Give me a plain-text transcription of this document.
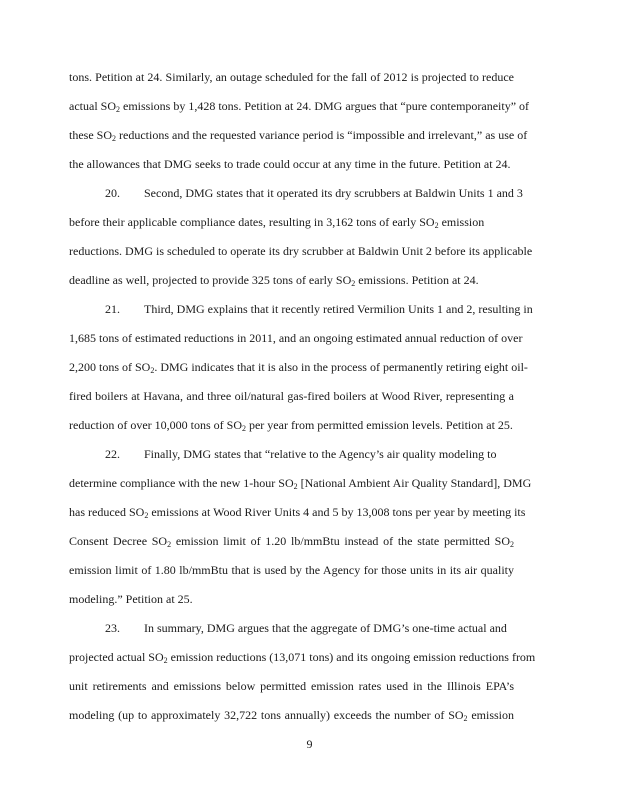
tons. Petition at 24. Similarly, an outage scheduled for the fall of 2012 is projected to reduce
actual $SO_2$ emissions by 1,428 tons. Petition at 24. DMG argues that “pure contemporaneity” of
these $SO_2$ reductions and the requested variance period is “impossible and irrelevant,” as use of
the allowances that DMG seeks to trade could occur at any time in the future. Petition at 24.
20.  Second, DMG states that it operated its dry scrubbers at Baldwin Units 1 and 3
before their applicable compliance dates, resulting in 3,162 tons of early $SO_2$ emission
reductions. DMG is scheduled to operate its dry scrubber at Baldwin Unit 2 before its applicable
deadline as well, projected to provide 325 tons of early $SO_2$ emissions. Petition at 24.
21.  Third, DMG explains that it recently retired Vermilion Units 1 and 2, resulting in
1,685 tons of estimated reductions in 2011, and an ongoing estimated annual reduction of over
2,200 tons of $SO_2$. DMG indicates that it is also in the process of permanently retiring eight oil-
fired boilers at Havana, and three oil/natural gas-fired boilers at Wood River, representing a
reduction of over 10,000 tons of $SO_2$ per year from permitted emission levels. Petition at 25.
22.  Finally, DMG states that “relative to the Agency’s air quality modeling to
determine compliance with the new 1-hour $SO_2$ [National Ambient Air Quality Standard], DMG
has reduced $SO_2$ emissions at Wood River Units 4 and 5 by 13,008 tons per year by meeting its
Consent Decree $SO_2$ emission limit of 1.20 lb/mmBtu instead of the state permitted $SO_2$
emission limit of 1.80 lb/mmBtu that is used by the Agency for those units in its air quality
modeling.” Petition at 25.
23.  In summary, DMG argues that the aggregate of DMG’s one-time actual and
projected actual $SO_2$ emission reductions (13,071 tons) and its ongoing emission reductions from
unit retirements and emissions below permitted emission rates used in the Illinois EPA’s
modeling (up to approximately 32,722 tons annually) exceeds the number of $SO_2$ emission
9
